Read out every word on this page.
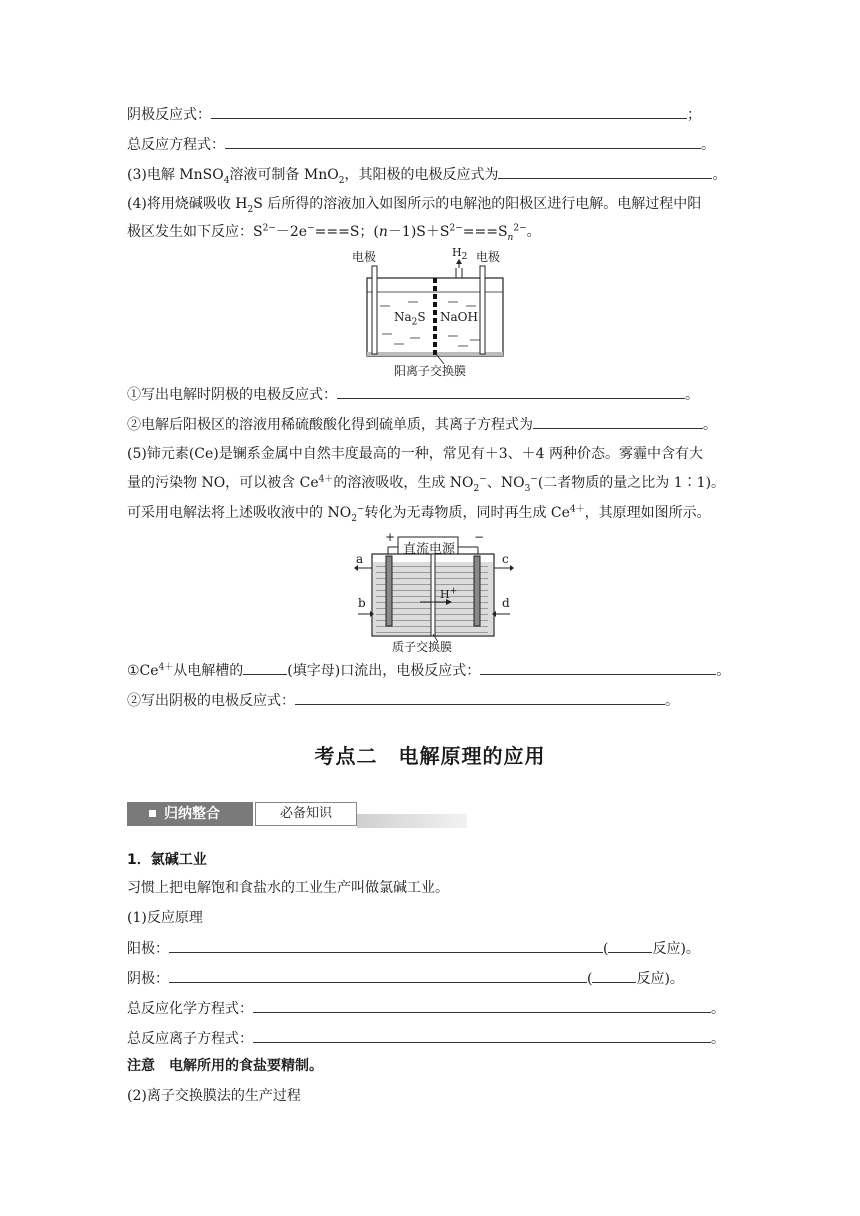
阴极反应式：	；
总反应方程式：	。
(3)电解 MnSO$_4$溶液可制备 MnO$_2$，其阳极的电极反应式为	。
(4)将用烧碱吸收 $H_2S$ 后所得的溶液加入如图所示的电解池的阳极区进行电解。电解过程中阳
极区发生如下反应：$S^{2-}-2e^-===S$；$(n-1)S+S^{2-}===S_n^{2-}$。
电极	电极
$H_2$
$Na_2S$ NaOH
阳离子交换膜
①写出电解时阴极的电极反应式：	。
②电解后阳极区的溶液用稀硫酸酸化得到硫单质，其离子方程式为	。
(5)铈元素(Ce)是镧系金属中自然丰度最高的一种，常见有＋3、＋4 两种价态。雾霾中含有大
量的污染物 NO，可以被含 $Ce^{4+}$的溶液吸收，生成 $NO_2^-$、$NO_3^-$(二者物质的量之比为 1∶1)。
可采用电解法将上述吸收液中的 $NO_2^-$转化为无毒物质，同时再生成 $Ce^{4+}$，其原理如图所示。
+	−
直流电源
a
b
c
d
H+
质子交换膜
$①Ce^{4+}$从电解槽的	(填字母)口流出，电极反应式：	。
②写出阴极的电极反应式：	。
考点二　电解原理的应用
归纳整合	必备知识
1．氯碱工业
习惯上把电解饱和食盐水的工业生产叫做氯碱工业。
(1)反应原理
阳极：	(	反应)。
阴极：	(	反应)。
总反应化学方程式：	。
总反应离子方程式：	。
注意　 电解所用的食盐要精制。
(2)离子交换膜法的生产过程
